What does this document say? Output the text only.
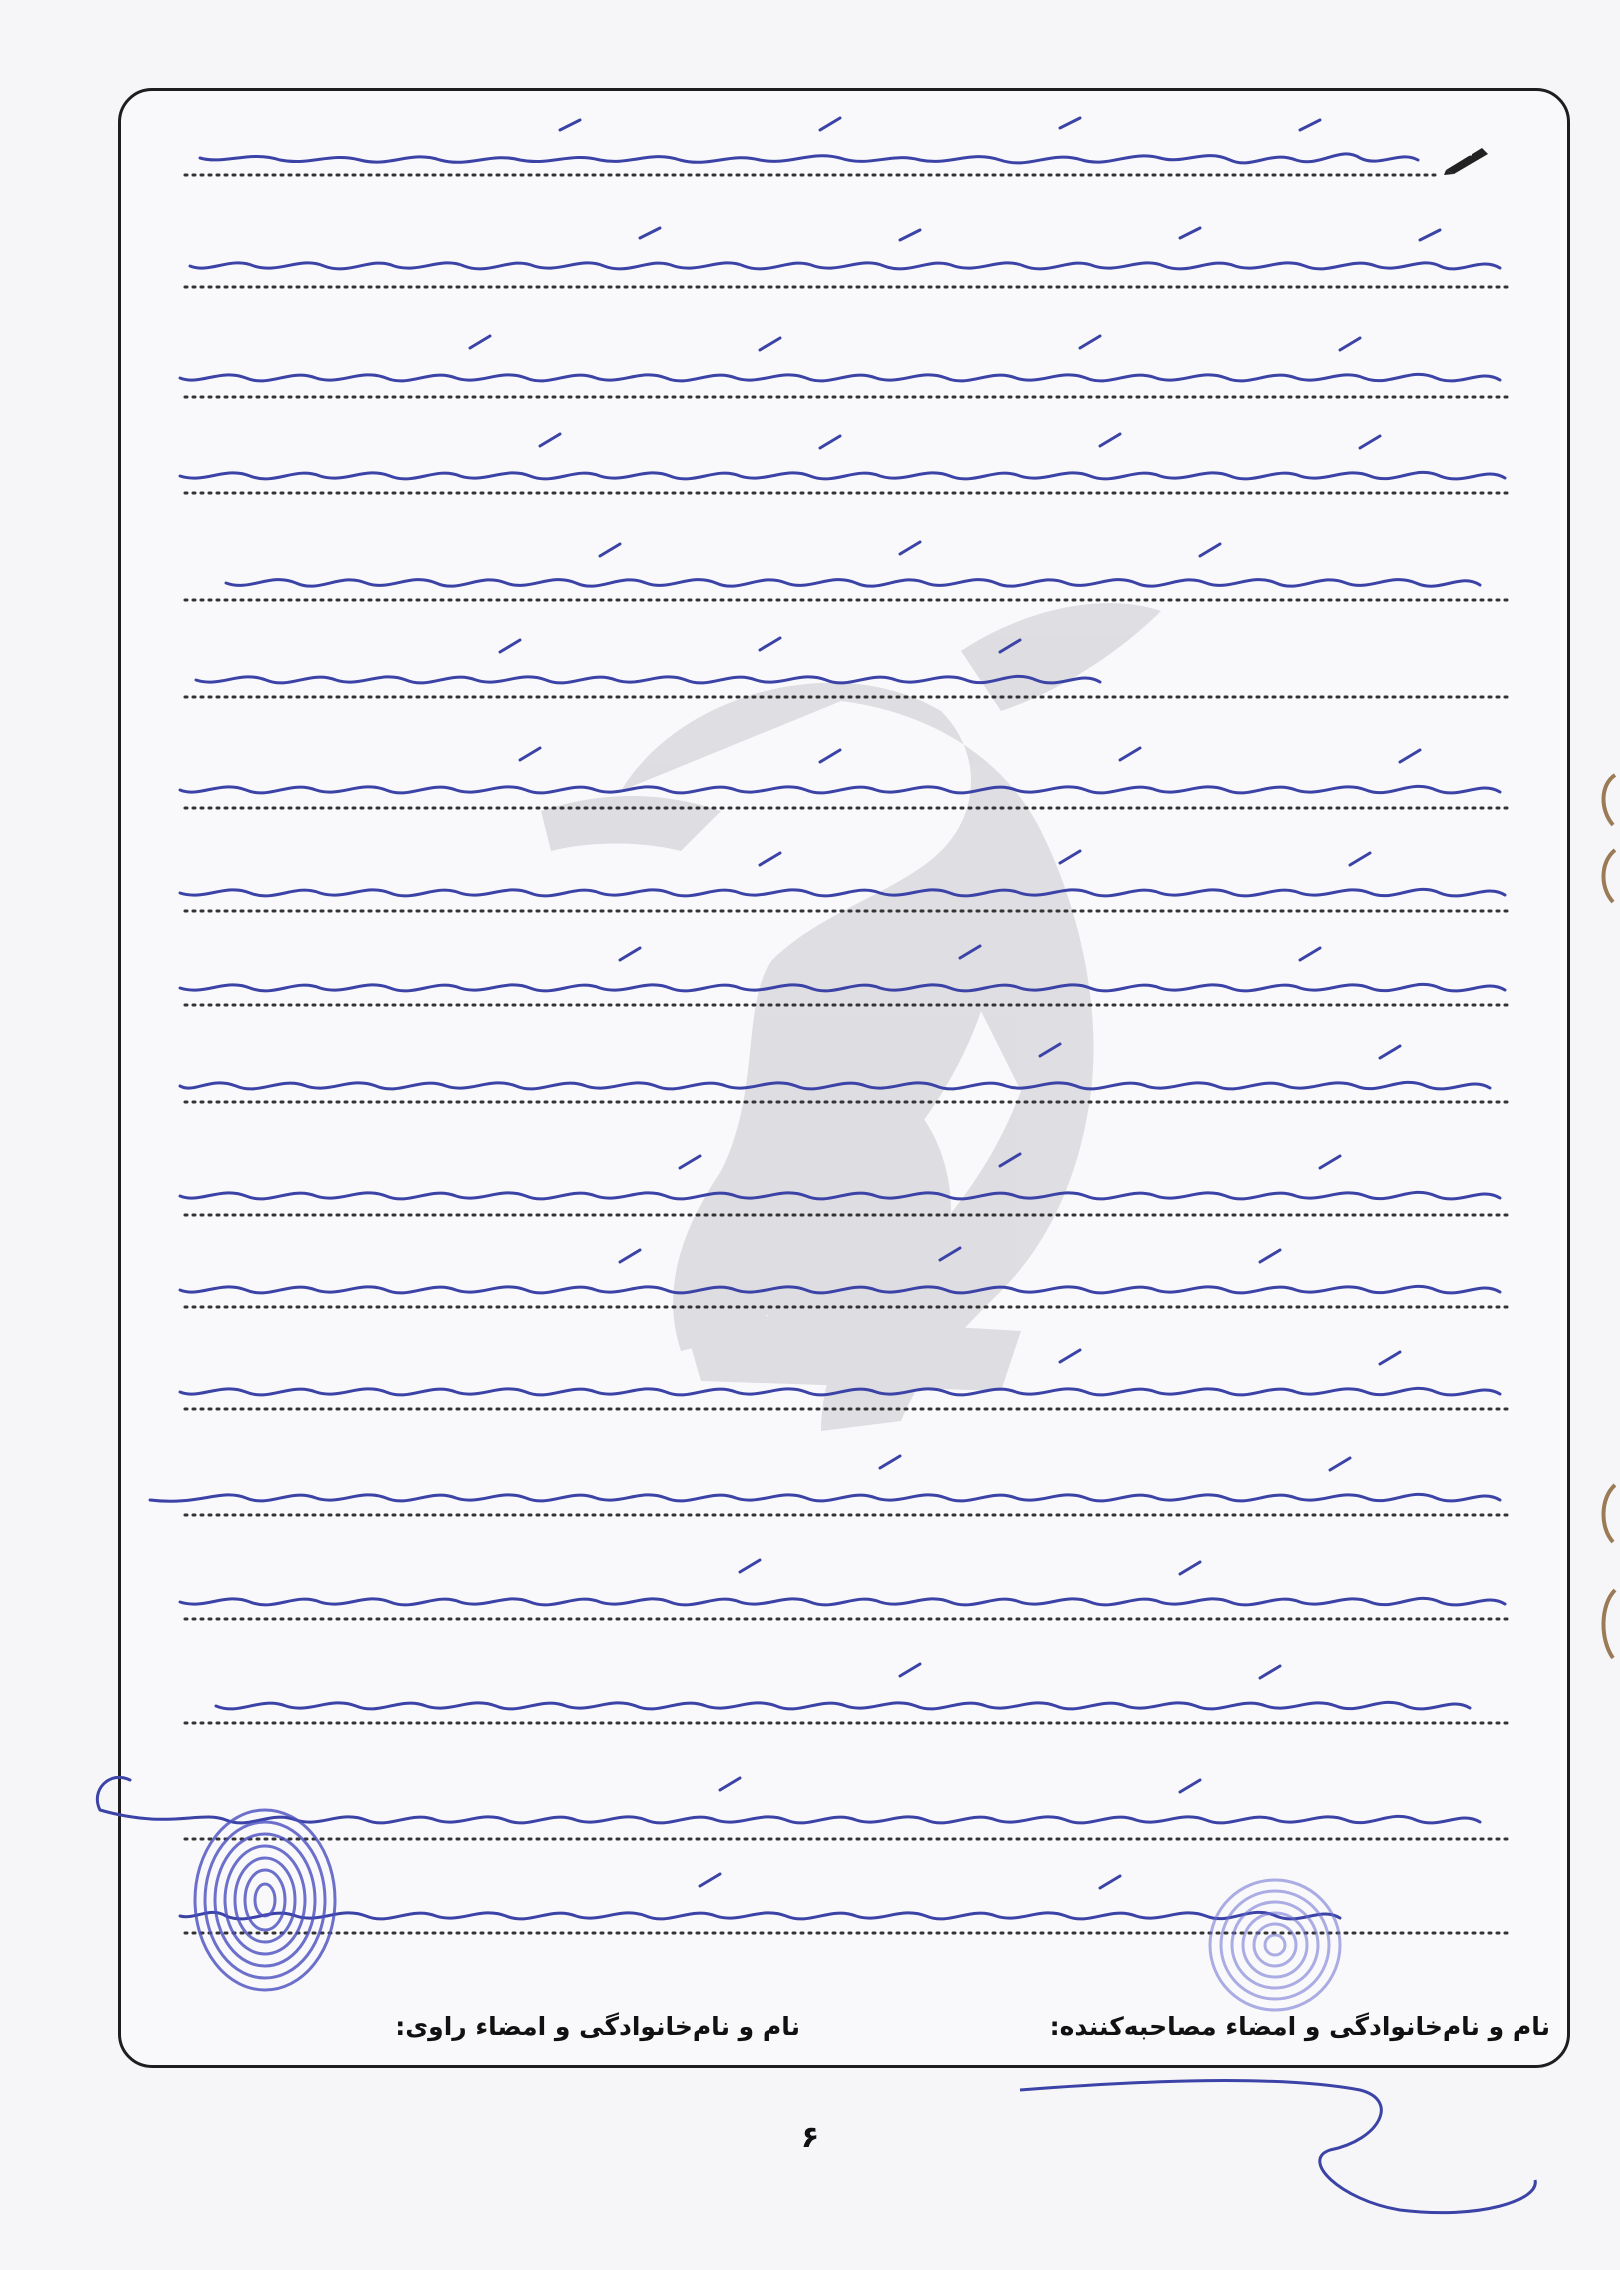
نام و نام‌خانوادگی و امضاء مصاحبه‌کننده:
نام و نام‌خانوادگی و امضاء راوی:
۶
